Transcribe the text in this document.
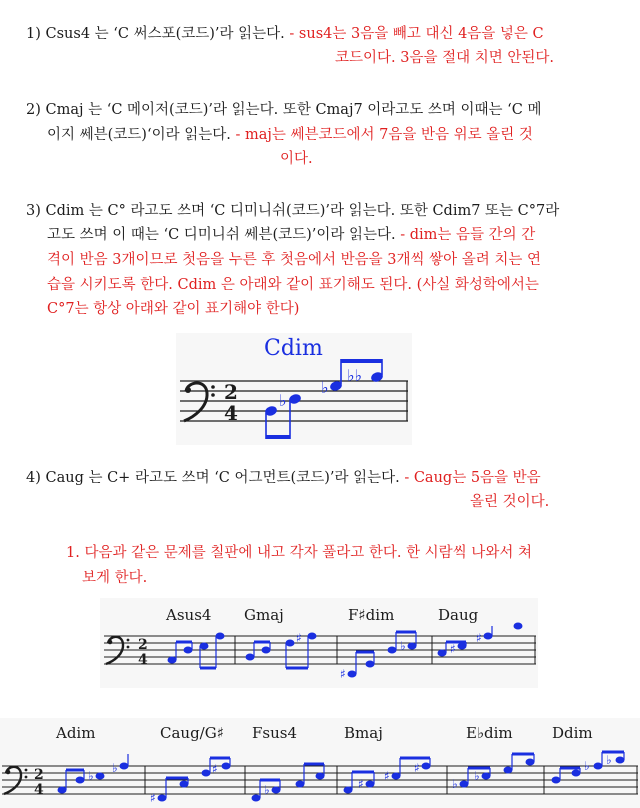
1) Csus4 는 ‘C 써스포(코드)’라 읽는다. - sus4는 3음을 빼고 대신 4음을 넣은 C
코드이다. 3음을 절대 치면 안된다.
2) Cmaj 는 ‘C 메이저(코드)’라 읽는다. 또한 Cmaj7 이라고도 쓰며 이때는 ‘C 메
이지 쎄븐(코드)‘이라 읽는다. - maj는 쎄븐코드에서 7음을 반음 위로 올린 것
이다.
3) Cdim 는 C° 라고도 쓰며 ‘C 디미니쉬(코드)’라 읽는다. 또한 Cdim7 또는 C°7라
고도 쓰며 이 때는 ‘C 디미니쉬 쎄븐(코드)’이라 읽는다. - dim는 음들 간의 간
격이 반음 3개이므로 첫음을 누른 후 첫음에서 반음을 3개씩 쌓아 올려 치는 연
습을 시키도록 한다. Cdim 은 아래와 같이 표기해도 된다. (사실 화성학에서는
C°7는 항상 아래와 같이 표기해야 한다)
Cdim
2
4
♭
♭
♭♭
4) Caug 는 C+ 라고도 쓰며 ‘C 어그먼트(코드)’라 읽는다. - Caug는 5음을 반음
올린 것이다.
1. 다음과 같은 문제를 칠판에 내고 각자 풀라고 한다. 한 시람씩 나와서 쳐
보게 한다.
Asus4 Gmaj	F♯dim	Daug
2
4
♯
♯
♭	♯
♯
Adim	Caug/G♯ Fsus4	Bmaj	E♭dim	Ddim
2
4
♭
♭
♯
♯
♭	♯
♯
♯
♭
♭
♭ ♭
